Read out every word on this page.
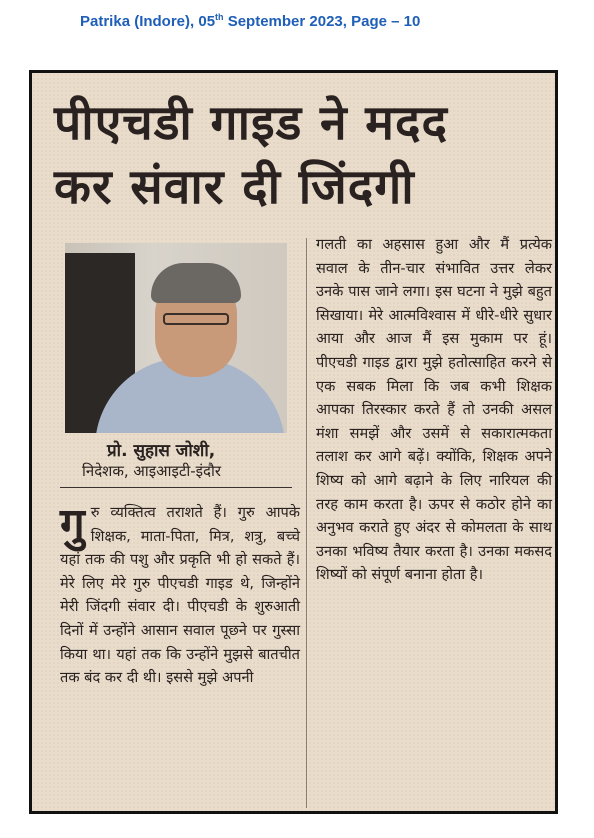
Patrika (Indore), 05th September 2023, Page – 10
पीएचडी गाइड ने मदद
कर संवार दी जिंदगी
प्रो. सुहास जोशी,
निदेशक, आइआइटी-इंदौर

गुरु व्यक्तित्व तराशते हैं। गुरु आपके शिक्षक, माता-पिता, मित्र, शत्रु, बच्चे यहां तक की पशु और प्रकृति भी हो सकते हैं। मेरे लिए मेरे गुरु पीएचडी गाइड थे, जिन्होंने मेरी जिंदगी संवार दी। पीएचडी के शुरुआती दिनों में उन्होंने आसान सवाल पूछने पर गुस्सा किया था। यहां तक कि उन्होंने मुझसे बातचीत तक बंद कर दी थी। इससे मुझे अपनी

गलती का अहसास हुआ और मैं प्रत्येक सवाल के तीन-चार संभावित उत्तर लेकर उनके पास जाने लगा। इस घटना ने मुझे बहुत सिखाया। मेरे आत्मविश्वास में धीरे-धीरे सुधार आया और आज मैं इस मुकाम पर हूं। पीएचडी गाइड द्वारा मुझे हतोत्साहित करने से एक सबक मिला कि जब कभी शिक्षक आपका तिरस्कार करते हैं तो उनकी असल मंशा समझें और उसमें से सकारात्मकता तलाश कर आगे बढ़ें। क्योंकि, शिक्षक अपने शिष्य को आगे बढ़ाने के लिए नारियल की तरह काम करता है। ऊपर से कठोर होने का अनुभव कराते हुए अंदर से कोमलता के साथ उनका भविष्य तैयार करता है। उनका मकसद शिष्यों को संपूर्ण बनाना होता है।
